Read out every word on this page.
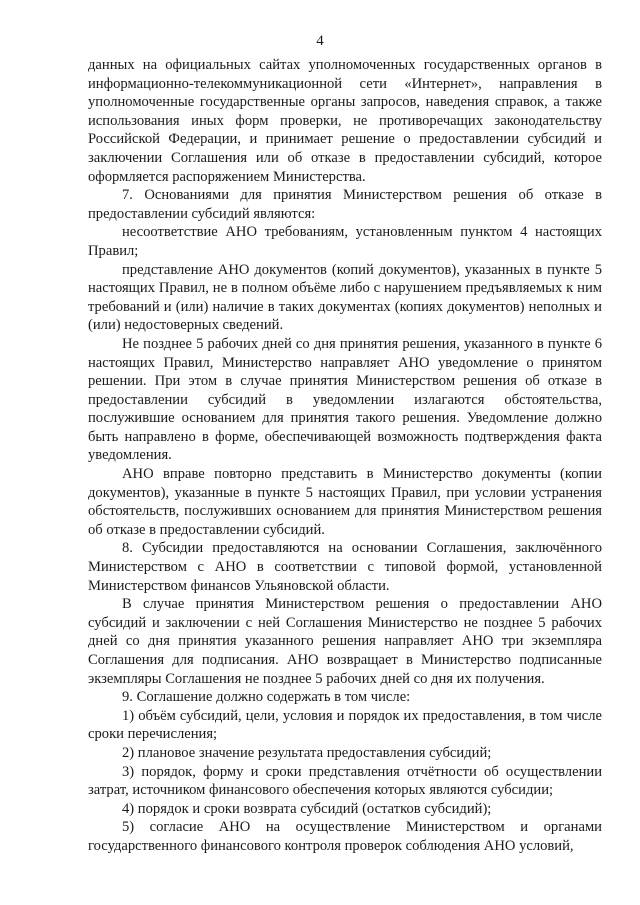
4

данных на официальных сайтах уполномоченных государственных органов в информационно-телекоммуникационной сети «Интернет», направления в уполномоченные государственные органы запросов, наведения справок, а также использования иных форм проверки, не противоречащих законодательству Российской Федерации, и принимает решение о предоставлении субсидий и заключении Соглашения или об отказе в предоставлении субсидий, которое оформляется распоряжением Министерства.

7. Основаниями для принятия Министерством решения об отказе в предоставлении субсидий являются:

несоответствие АНО требованиям, установленным пунктом 4 настоящих Правил;

представление АНО документов (копий документов), указанных в пункте 5 настоящих Правил, не в полном объёме либо с нарушением предъявляемых к ним требований и (или) наличие в таких документах (копиях документов) неполных и (или) недостоверных сведений.

Не позднее 5 рабочих дней со дня принятия решения, указанного в пункте 6 настоящих Правил, Министерство направляет АНО уведомление о принятом решении. При этом в случае принятия Министерством решения об отказе в предоставлении субсидий в уведомлении излагаются обстоятельства, послужившие основанием для принятия такого решения. Уведомление должно быть направлено в форме, обеспечивающей возможность подтверждения факта уведомления.

АНО вправе повторно представить в Министерство документы (копии документов), указанные в пункте 5 настоящих Правил, при условии устранения обстоятельств, послуживших основанием для принятия Министерством решения об отказе в предоставлении субсидий.

8. Субсидии предоставляются на основании Соглашения, заключённого Министерством с АНО в соответствии с типовой формой, установленной Министерством финансов Ульяновской области.

В случае принятия Министерством решения о предоставлении АНО субсидий и заключении с ней Соглашения Министерство не позднее 5 рабочих дней со дня принятия указанного решения направляет АНО три экземпляра Соглашения для подписания. АНО возвращает в Министерство подписанные экземпляры Соглашения не позднее 5 рабочих дней со дня их получения.

9. Соглашение должно содержать в том числе:

1) объём субсидий, цели, условия и порядок их предоставления, в том числе сроки перечисления;

2) плановое значение результата предоставления субсидий;

3) порядок, форму и сроки представления отчётности об осуществлении затрат, источником финансового обеспечения которых являются субсидии;

4) порядок и сроки возврата субсидий (остатков субсидий);

5) согласие АНО на осуществление Министерством и органами государственного финансового контроля проверок соблюдения АНО условий,
